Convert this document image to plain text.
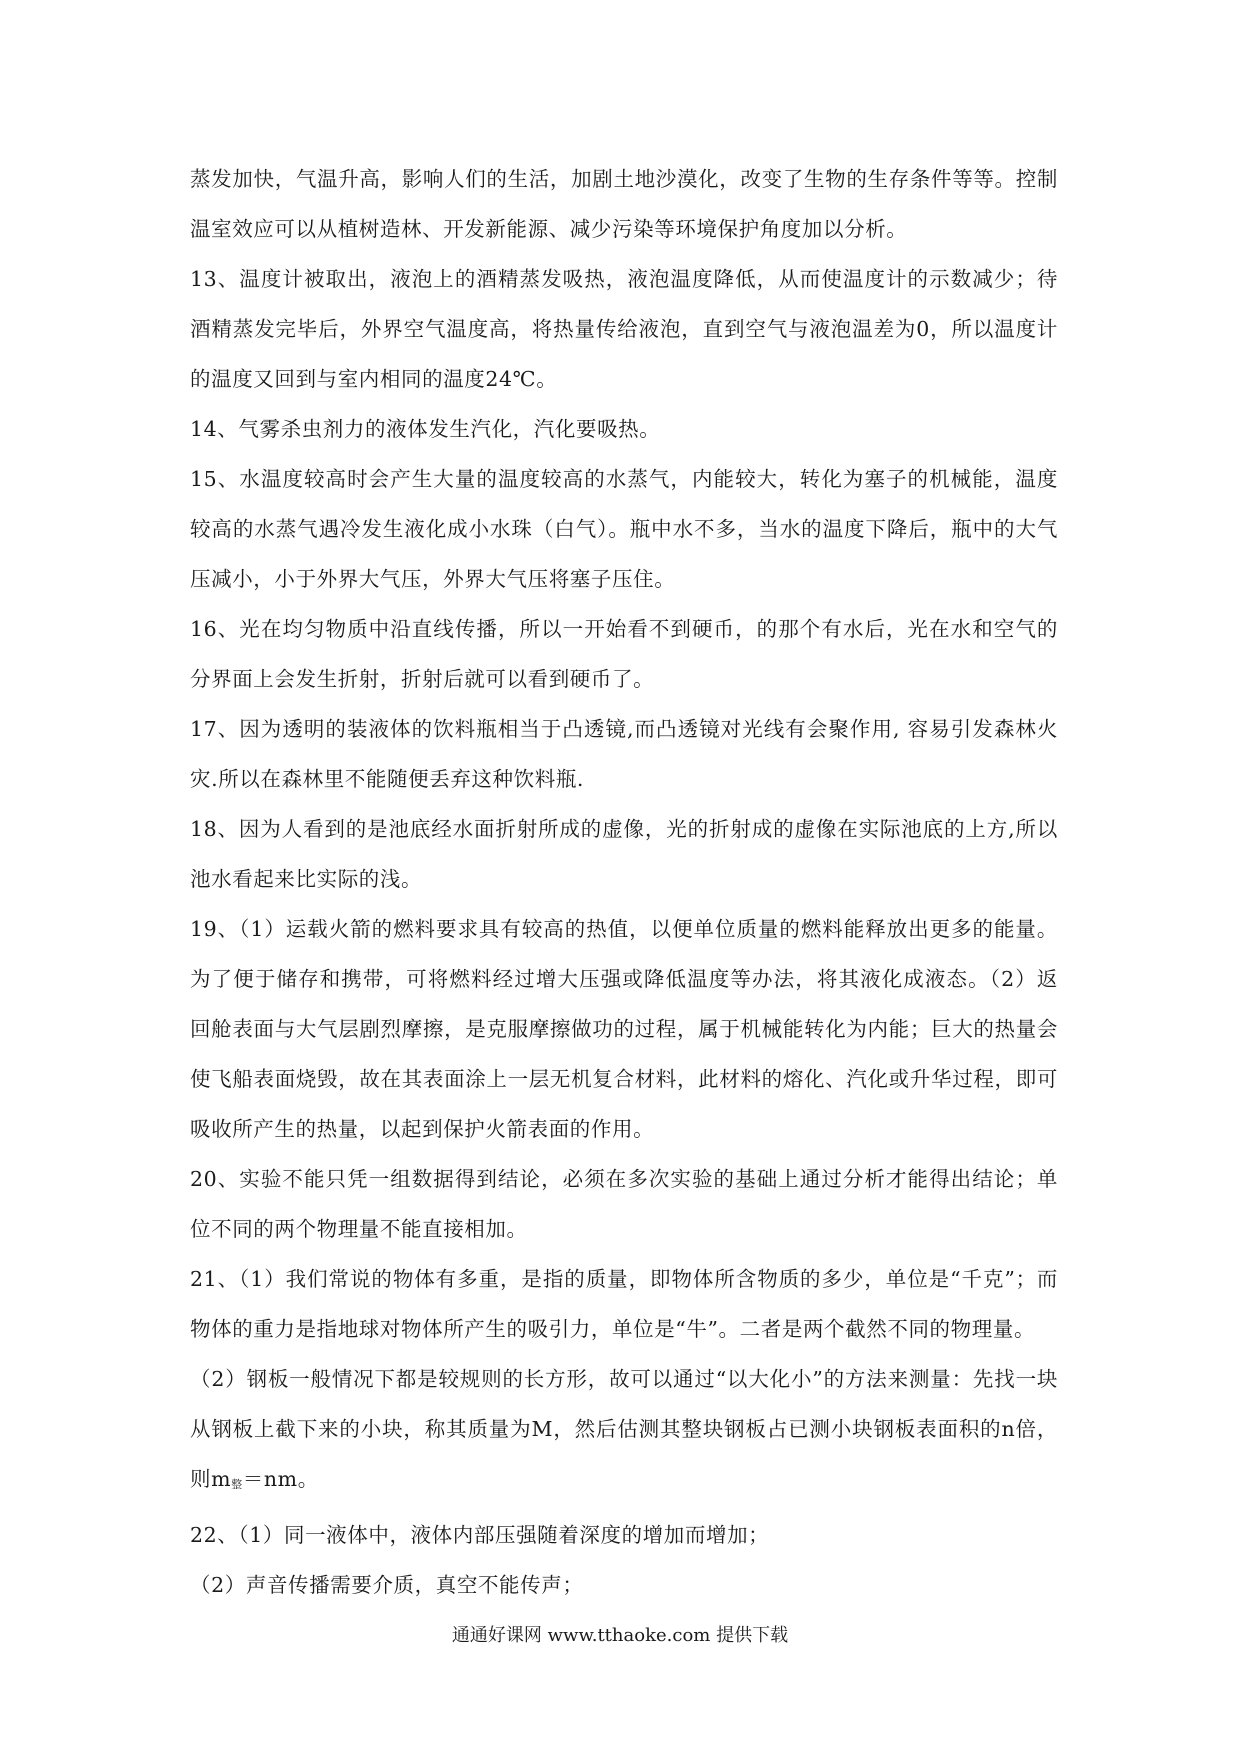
蒸发加快，气温升高，影响人们的生活，加剧土地沙漠化，改变了生物的生存条件等等。控制温室效应可以从植树造林、开发新能源、减少污染等环境保护角度加以分析。

13、温度计被取出，液泡上的酒精蒸发吸热，液泡温度降低，从而使温度计的示数减少；待酒精蒸发完毕后，外界空气温度高，将热量传给液泡，直到空气与液泡温差为0，所以温度计的温度又回到与室内相同的温度24℃。

14、气雾杀虫剂力的液体发生汽化，汽化要吸热。

15、水温度较高时会产生大量的温度较高的水蒸气，内能较大，转化为塞子的机械能，温度较高的水蒸气遇冷发生液化成小水珠（白气）。瓶中水不多，当水的温度下降后，瓶中的大气压减小，小于外界大气压，外界大气压将塞子压住。

16、光在均匀物质中沿直线传播，所以一开始看不到硬币，的那个有水后，光在水和空气的分界面上会发生折射，折射后就可以看到硬币了。

17、因为透明的装液体的饮料瓶相当于凸透镜,而凸透镜对光线有会聚作用, 容易引发森林火灾.所以在森林里不能随便丢弃这种饮料瓶.

18、因为人看到的是池底经水面折射所成的虚像，光的折射成的虚像在实际池底的上方,所以池水看起来比实际的浅。

19、（1）运载火箭的燃料要求具有较高的热值，以便单位质量的燃料能释放出更多的能量。为了便于储存和携带，可将燃料经过增大压强或降低温度等办法，将其液化成液态。（2）返回舱表面与大气层剧烈摩擦，是克服摩擦做功的过程，属于机械能转化为内能；巨大的热量会使飞船表面烧毁，故在其表面涂上一层无机复合材料，此材料的熔化、汽化或升华过程，即可吸收所产生的热量，以起到保护火箭表面的作用。

20、实验不能只凭一组数据得到结论，必须在多次实验的基础上通过分析才能得出结论；单位不同的两个物理量不能直接相加。

21、（1）我们常说的物体有多重，是指的质量，即物体所含物质的多少，单位是“千克”；而物体的重力是指地球对物体所产生的吸引力，单位是“牛”。二者是两个截然不同的物理量。

（2）钢板一般情况下都是较规则的长方形，故可以通过“以大化小”的方法来测量：先找一块从钢板上截下来的小块，称其质量为M，然后估测其整块钢板占已测小块钢板表面积的n倍，则m整＝nm。

22、（1）同一液体中，液体内部压强随着深度的增加而增加；

（2）声音传播需要介质，真空不能传声；

通通好课网 www.tthaoke.com 提供下载
